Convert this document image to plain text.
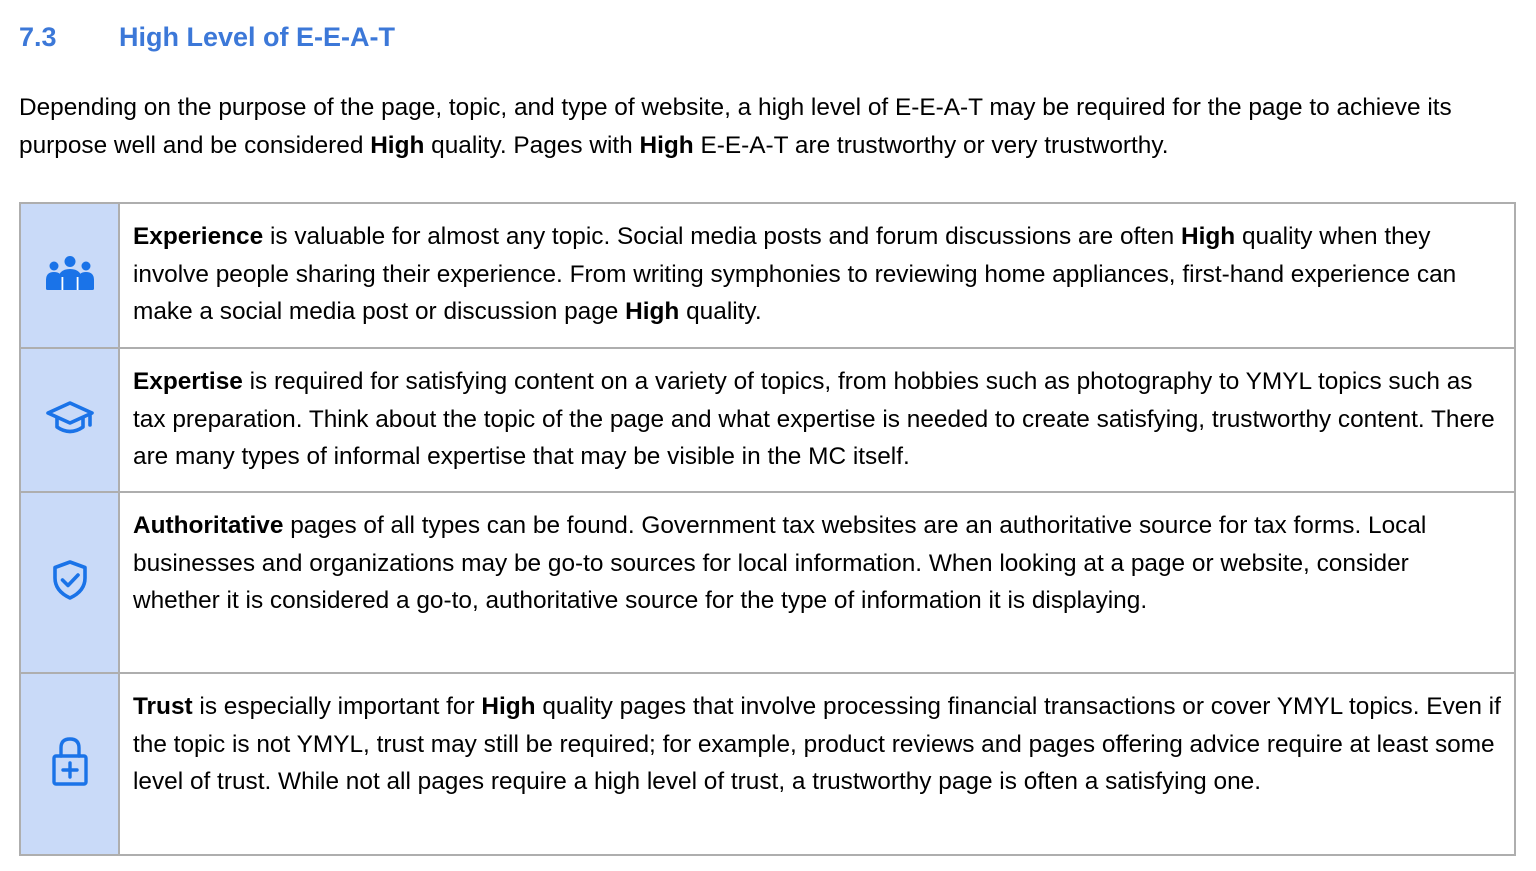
7.3	High Level of E-E-A-T

Depending on the purpose of the page, topic, and type of website, a high level of E-E-A-T may be required for the page to achieve its purpose well and be considered High quality. Pages with High E-E-A-T are trustworthy or very trustworthy.

	Experience is valuable for almost any topic. Social media posts and forum discussions are often High quality when they involve people sharing their experience. From writing symphonies to reviewing home appliances, first-hand experience can make a social media post or discussion page High quality.

	Expertise is required for satisfying content on a variety of topics, from hobbies such as photography to YMYL topics such as tax preparation. Think about the topic of the page and what expertise is needed to create satisfying, trustworthy content. There are many types of informal expertise that may be visible in the MC itself.

	Authoritative pages of all types can be found. Government tax websites are an authoritative source for tax forms. Local businesses and organizations may be go-to sources for local information. When looking at a page or website, consider whether it is considered a go-to, authoritative source for the type of information it is displaying.

	Trust is especially important for High quality pages that involve processing financial transactions or cover YMYL topics. Even if the topic is not YMYL, trust may still be required; for example, product reviews and pages offering advice require at least some level of trust. While not all pages require a high level of trust, a trustworthy page is often a satisfying one.
